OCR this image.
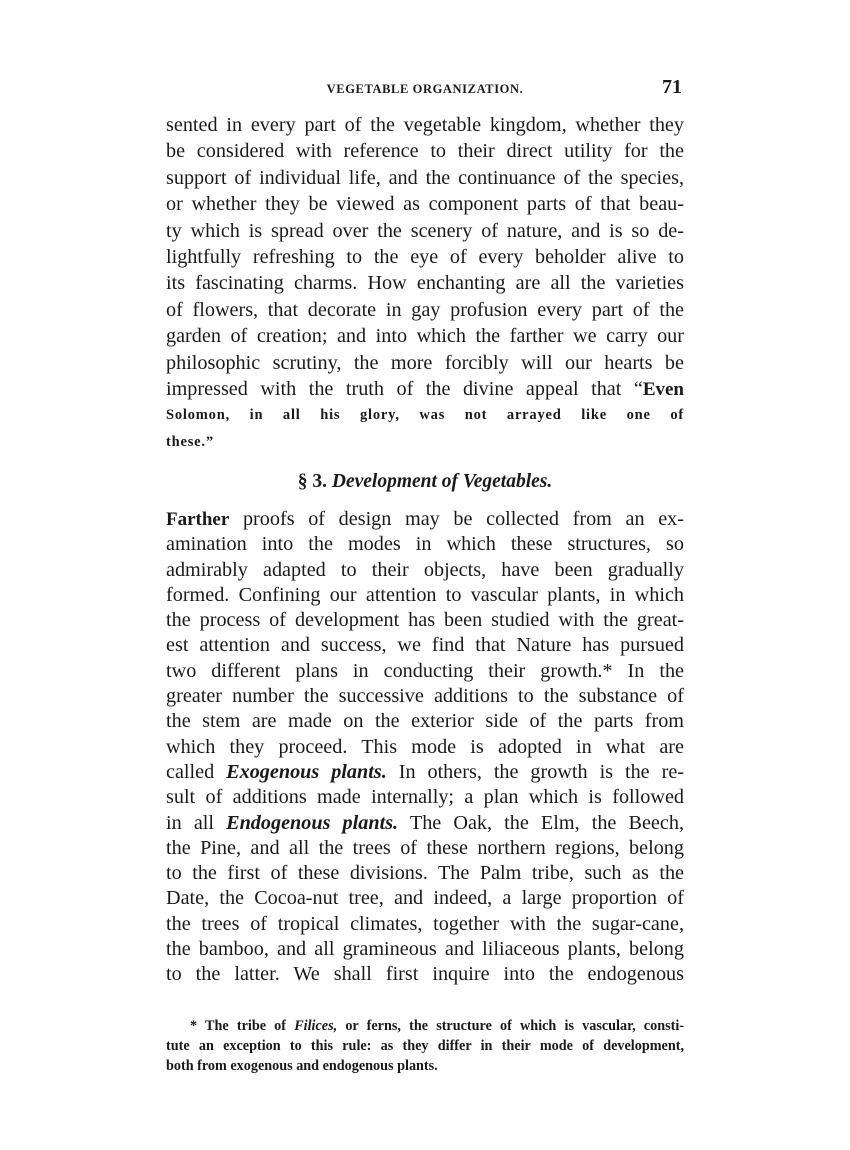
VEGETABLE ORGANIZATION.	71
sented in every part of the vegetable kingdom, whether they
be considered with reference to their direct utility for the
support of individual life, and the continuance of the species,
or whether they be viewed as component parts of that beau-
ty which is spread over the scenery of nature, and is so de-
lightfully refreshing to the eye of every beholder alive to
its fascinating charms. How enchanting are all the varieties
of flowers, that decorate in gay profusion every part of the
garden of creation; and into which the farther we carry our
philosophic scrutiny, the more forcibly will our hearts be
impressed with the truth of the divine appeal that “Even
Solomon, in all his glory, was not arrayed like one of
these.”
§ 3. Development of Vegetables.
Farther proofs of design may be collected from an ex-
amination into the modes in which these structures, so
admirably adapted to their objects, have been gradually
formed. Confining our attention to vascular plants, in which
the process of development has been studied with the great-
est attention and success, we find that Nature has pursued
two different plans in conducting their growth.* In the
greater number the successive additions to the substance of
the stem are made on the exterior side of the parts from
which they proceed. This mode is adopted in what are
called Exogenous plants. In others, the growth is the re-
sult of additions made internally; a plan which is followed
in all Endogenous plants. The Oak, the Elm, the Beech,
the Pine, and all the trees of these northern regions, belong
to the first of these divisions. The Palm tribe, such as the
Date, the Cocoa-nut tree, and indeed, a large proportion of
the trees of tropical climates, together with the sugar-cane,
the bamboo, and all gramineous and liliaceous plants, belong
to the latter. We shall first inquire into the endogenous
* The tribe of Filices, or ferns, the structure of which is vascular, consti-
tute an exception to this rule: as they differ in their mode of development,
both from exogenous and endogenous plants.
